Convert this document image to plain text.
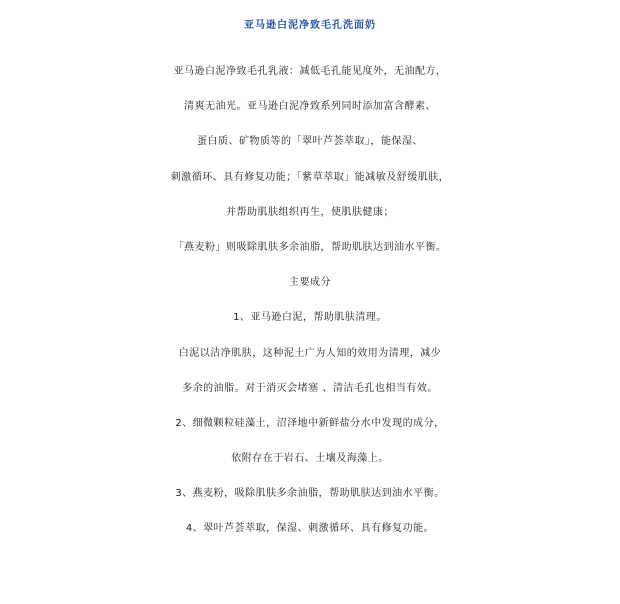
亚马逊白泥净致毛孔洗面奶
亚马逊白泥净致毛孔乳液：减低毛孔能见度外，无油配方，
清爽无油光。亚马逊白泥净致系列同时添加富含酵素、
蛋白质、矿物质等的「翠叶芦荟萃取」，能保湿、
刺激循环、具有修复功能；「紫草萃取」能减敏及舒缓肌肤，
并帮助肌肤组织再生，使肌肤健康；
「燕麦粉」则吸除肌肤多余油脂，帮助肌肤达到油水平衡。
主要成分
1、亚马逊白泥，帮助肌肤清理。
白泥以洁净肌肤，这种泥土广为人知的效用为清理，减少
多余的油脂。对于消灭会堵塞 、清洁毛孔也相当有效。
2、细微颗粒硅藻土，沼泽地中新鲜盐分水中发现的成分，
依附存在于岩石、土壤及海藻上。
3、燕麦粉，吸除肌肤多余油脂，帮助肌肤达到油水平衡。
4、翠叶芦荟萃取，保湿、刺激循环、具有修复功能。
